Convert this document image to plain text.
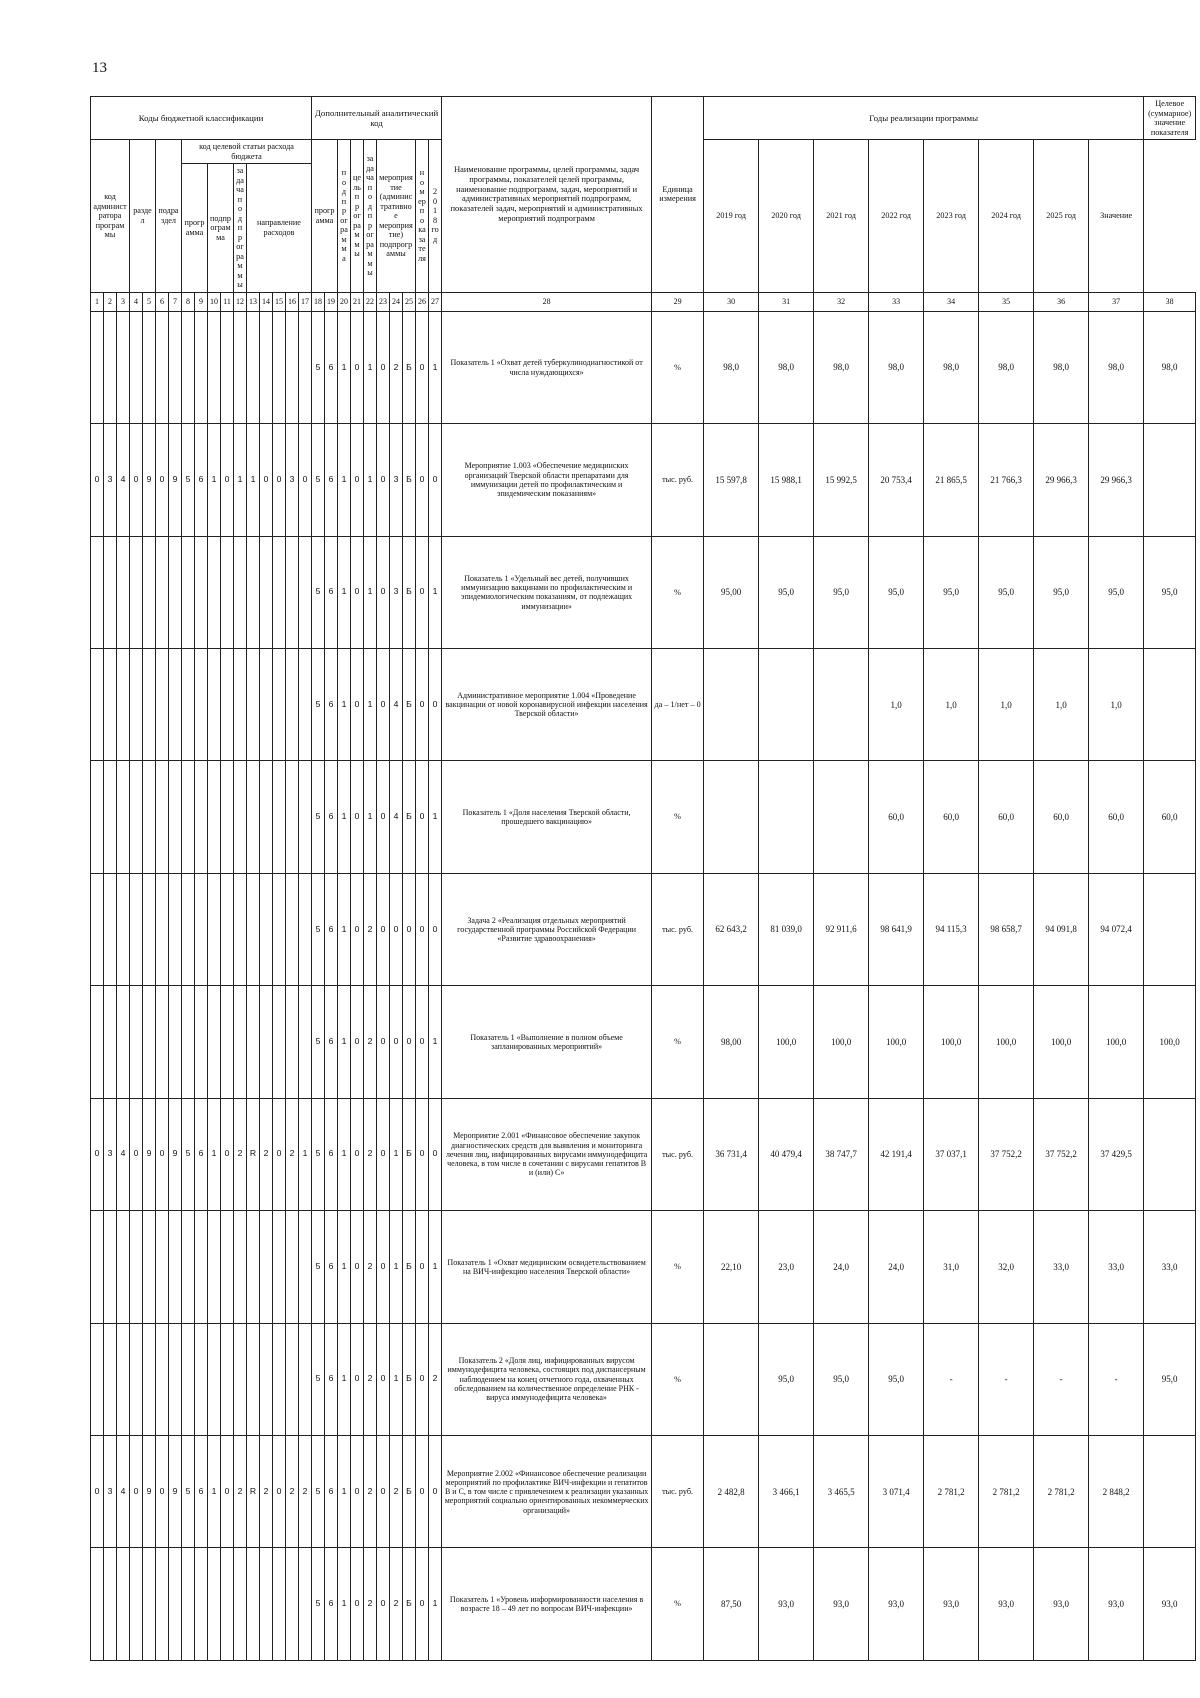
13
Коды бюджетной классификации																	Дополнительный аналитический код										Наименование программы, целей программы, задач программы, показателей целей программы, наименование подпрограмм, задач, мероприятий и административных мероприятий подпрограмм, показателей задач, мероприятий и административных мероприятий подпрограмм	Единица измерения	Годы реализации программы								Целевое (суммарное) значение показателя
код администратора программы			раздел		подраздел		код целевой статьи расхода бюджета										программа		подпрограмма	цель программы	задача подпрограммы	мероприятие (административное мероприятие) подпрограммы			номер показателя	2018 год			2019 год	2020 год	2021 год	2022 год	2023 год	2024 год	2025 год	Значение	
							программа		подпрограмма		задача подпрограммы	направление расходов																									
1	2	3	4	5	6	7	8	9	10	11	12	13	14	15	16	17	18	19	20	21	22	23	24	25	26	27	28	29	30	31	32	33	34	35	36	37	38
																	5	6	1	0	1	0	2	Б	0	1	Показатель 1 «Охват детей туберкулинодиагностикой от числа нуждающихся»	%	98,0	98,0	98,0	98,0	98,0	98,0	98,0	98,0	98,0
0	3	4	0	9	0	9	5	6	1	0	1	1	0	0	3	0	5	6	1	0	1	0	3	Б	0	0	Мероприятие 1.003 «Обеспечение медицинских организаций Тверской области препаратами для иммунизации детей по профилактическим и эпидемическим показаниям»	тыс. руб.	15 597,8	15 988,1	15 992,5	20 753,4	21 865,5	21 766,3	29 966,3	29 966,3	
																	5	6	1	0	1	0	3	Б	0	1	Показатель 1 «Удельный вес детей, получивших иммунизацию вакцинами по профилактическим и эпидемиологическим показаниям, от подлежащих иммунизации»	%	95,00	95,0	95,0	95,0	95,0	95,0	95,0	95,0	95,0
																	5	6	1	0	1	0	4	Б	0	0	Административное мероприятие 1.004 «Проведение вакцинации от новой коронавирусной инфекции населения Тверской области»	да – 1/нет – 0				1,0	1,0	1,0	1,0	1,0	
																	5	6	1	0	1	0	4	Б	0	1	Показатель 1 «Доля населения Тверской области, прошедшего вакцинацию»	%				60,0	60,0	60,0	60,0	60,0	60,0
																	5	6	1	0	2	0	0	0	0	0	Задача 2 «Реализация отдельных мероприятий государственной программы Российской Федерации «Развитие здравоохранения»	тыс. руб.	62 643,2	81 039,0	92 911,6	98 641,9	94 115,3	98 658,7	94 091,8	94 072,4	
																	5	6	1	0	2	0	0	0	0	1	Показатель 1 «Выполнение в полном объеме запланированных мероприятий»	%	98,00	100,0	100,0	100,0	100,0	100,0	100,0	100,0	100,0
0	3	4	0	9	0	9	5	6	1	0	2	R	2	0	2	1	5	6	1	0	2	0	1	Б	0	0	Мероприятие 2.001 «Финансовое обеспечение закупок диагностических средств для выявления и мониторинга лечения лиц, инфицированных вирусами иммунодефицита человека, в том числе в сочетании с вирусами гепатитов В и (или) С»	тыс. руб.	36 731,4	40 479,4	38 747,7	42 191,4	37 037,1	37 752,2	37 752,2	37 429,5	
																	5	6	1	0	2	0	1	Б	0	1	Показатель 1 «Охват медицинским освидетельствованием на ВИЧ-инфекцию населения Тверской области»	%	22,10	23,0	24,0	24,0	31,0	32,0	33,0	33,0	33,0
																	5	6	1	0	2	0	1	Б	0	2	Показатель 2 «Доля лиц, инфицированных вирусом иммунодефицита человека, состоящих под диспансерным наблюдением на конец отчетного года, охваченных обследованием на количественное определение РНК - вируса иммунодефицита человека»	%		95,0	95,0	95,0	-	-	-	-	95,0
0	3	4	0	9	0	9	5	6	1	0	2	R	2	0	2	2	5	6	1	0	2	0	2	Б	0	0	Мероприятие 2.002 «Финансовое обеспечение реализации мероприятий по профилактике ВИЧ-инфекции и гепатитов В и С, в том числе с привлечением к реализации указанных мероприятий социально ориентированных некоммерческих организаций»	тыс. руб.	2 482,8	3 466,1	3 465,5	3 071,4	2 781,2	2 781,2	2 781,2	2 848,2	
																	5	6	1	0	2	0	2	Б	0	1	Показатель 1 «Уровень информированности населения в возрасте 18 – 49 лет по вопросам ВИЧ-инфекции»	%	87,50	93,0	93,0	93,0	93,0	93,0	93,0	93,0	93,0
